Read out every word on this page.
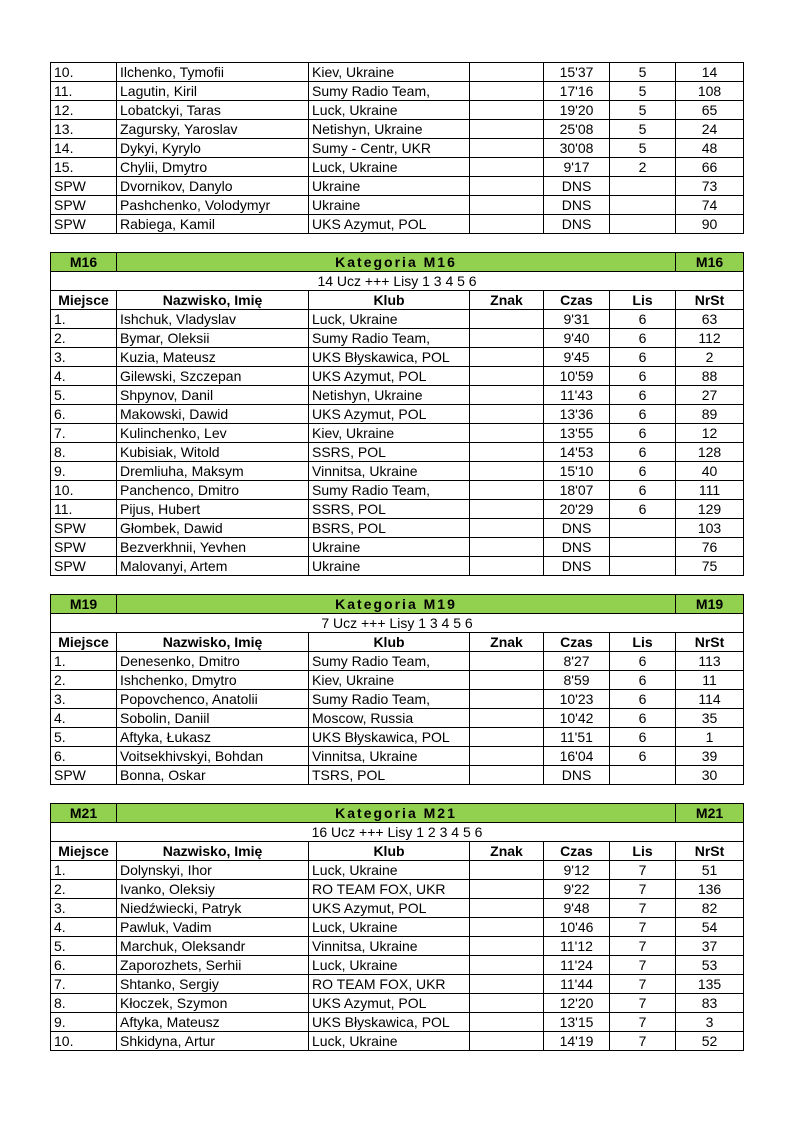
10.	Ilchenko, Tymofii	Kiev, Ukraine		15'37	5	14
11.	Lagutin, Kiril	Sumy Radio Team,		17'16	5	108
12.	Lobatckyi, Taras	Luck, Ukraine		19'20	5	65
13.	Zagursky, Yaroslav	Netishyn, Ukraine		25'08	5	24
14.	Dykyi, Kyrylo	Sumy - Centr, UKR		30'08	5	48
15.	Chylii, Dmytro	Luck, Ukraine		9'17	2	66
SPW	Dvornikov, Danylo	Ukraine		DNS		73
SPW	Pashchenko, Volodymyr	Ukraine		DNS		74
SPW	Rabiega, Kamil	UKS Azymut, POL		DNS		90
M16	Kategoria M16					M16
14 Ucz +++ Lisy 1 3 4 5 6						
Miejsce	Nazwisko, Imię	Klub	Znak	Czas	Lis	NrSt
1.	Ishchuk, Vladyslav	Luck, Ukraine		9'31	6	63
2.	Bymar, Oleksii	Sumy Radio Team,		9'40	6	112
3.	Kuzia, Mateusz	UKS Błyskawica, POL		9'45	6	2
4.	Gilewski, Szczepan	UKS Azymut, POL		10'59	6	88
5.	Shpynov, Danil	Netishyn, Ukraine		11'43	6	27
6.	Makowski, Dawid	UKS Azymut, POL		13'36	6	89
7.	Kulinchenko, Lev	Kiev, Ukraine		13'55	6	12
8.	Kubisiak, Witold	SSRS, POL		14'53	6	128
9.	Dremliuha, Maksym	Vinnitsa, Ukraine		15'10	6	40
10.	Panchenco, Dmitro	Sumy Radio Team,		18'07	6	111
11.	Pijus, Hubert	SSRS, POL		20'29	6	129
SPW	Głombek, Dawid	BSRS, POL		DNS		103
SPW	Bezverkhnii, Yevhen	Ukraine		DNS		76
SPW	Malovanyi, Artem	Ukraine		DNS		75
M19	Kategoria M19					M19
7 Ucz +++ Lisy 1 3 4 5 6						
Miejsce	Nazwisko, Imię	Klub	Znak	Czas	Lis	NrSt
1.	Denesenko, Dmitro	Sumy Radio Team,		8'27	6	113
2.	Ishchenko, Dmytro	Kiev, Ukraine		8'59	6	11
3.	Popovchenco, Anatolii	Sumy Radio Team,		10'23	6	114
4.	Sobolin, Daniil	Moscow, Russia		10'42	6	35
5.	Aftyka, Łukasz	UKS Błyskawica, POL		11'51	6	1
6.	Voitsekhivskyi, Bohdan	Vinnitsa, Ukraine		16'04	6	39
SPW	Bonna, Oskar	TSRS, POL		DNS		30
M21	Kategoria M21					M21
16 Ucz +++ Lisy 1 2 3 4 5 6						
Miejsce	Nazwisko, Imię	Klub	Znak	Czas	Lis	NrSt
1.	Dolynskyi, Ihor	Luck, Ukraine		9'12	7	51
2.	Ivanko, Oleksiy	RO TEAM FOX, UKR		9'22	7	136
3.	Niedźwiecki, Patryk	UKS Azymut, POL		9'48	7	82
4.	Pawluk, Vadim	Luck, Ukraine		10'46	7	54
5.	Marchuk, Oleksandr	Vinnitsa, Ukraine		11'12	7	37
6.	Zaporozhets, Serhii	Luck, Ukraine		11'24	7	53
7.	Shtanko, Sergiy	RO TEAM FOX, UKR		11'44	7	135
8.	Kłoczek, Szymon	UKS Azymut, POL		12'20	7	83
9.	Aftyka, Mateusz	UKS Błyskawica, POL		13'15	7	3
10.	Shkidyna, Artur	Luck, Ukraine		14'19	7	52
